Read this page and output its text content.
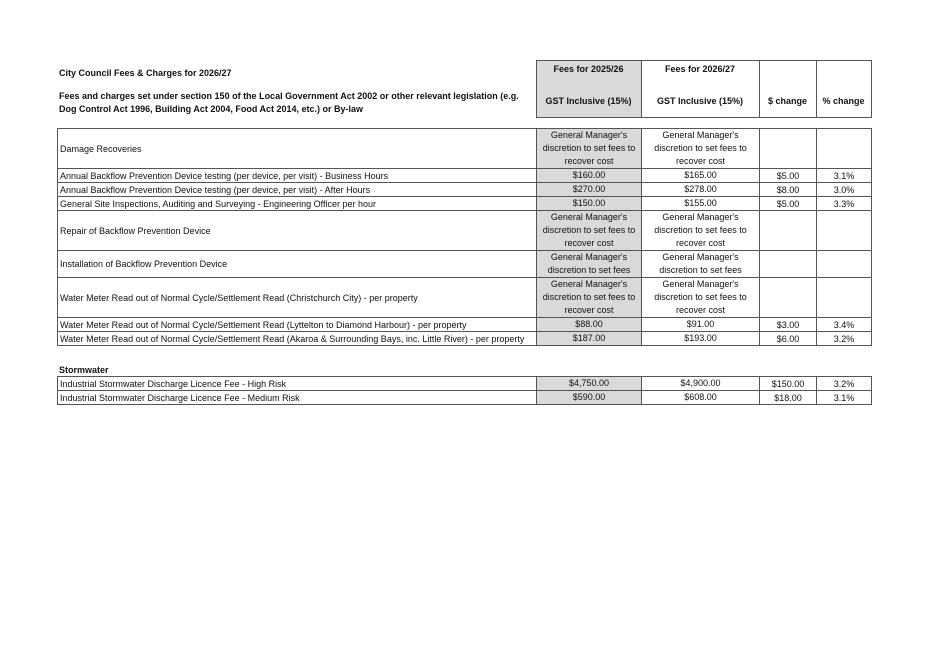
City Council Fees & Charges for 2026/27	Fees for 2025/26	Fees for 2026/27		
Fees and charges set under section 150 of the Local Government Act 2002 or other relevant legislation (e.g. Dog Control Act 1996, Building Act 2004, Food Act 2014, etc.) or By-law	GST Inclusive (15%)	GST Inclusive (15%)	$ change	% change

Damage Recoveries	General Manager's discretion to set fees to recover cost	General Manager's discretion to set fees to recover cost		
Annual Backflow Prevention Device testing (per device, per visit) - Business Hours	$160.00	$165.00	$5.00	3.1%
Annual Backflow Prevention Device testing (per device, per visit) - After Hours	$270.00	$278.00	$8.00	3.0%
General Site Inspections, Auditing and Surveying - Engineering Officer per hour	$150.00	$155.00	$5.00	3.3%
Repair of Backflow Prevention Device	General Manager's discretion to set fees to recover cost	General Manager's discretion to set fees to recover cost		
Installation of Backflow Prevention Device	General Manager's discretion to set fees	General Manager's discretion to set fees		
Water Meter Read out of Normal Cycle/Settlement Read (Christchurch City) - per property	General Manager's discretion to set fees to recover cost	General Manager's discretion to set fees to recover cost		
Water Meter Read out of Normal Cycle/Settlement Read (Lyttelton to Diamond Harbour) - per property	$88.00	$91.00	$3.00	3.4%
Water Meter Read out of Normal Cycle/Settlement Read (Akaroa & Surrounding Bays, inc. Little River) - per property	$187.00	$193.00	$6.00	3.2%
Stormwater
Industrial Stormwater Discharge Licence Fee - High Risk	$4,750.00	$4,900.00	$150.00	3.2%
Industrial Stormwater Discharge Licence Fee - Medium Risk	$590.00	$608.00	$18.00	3.1%
